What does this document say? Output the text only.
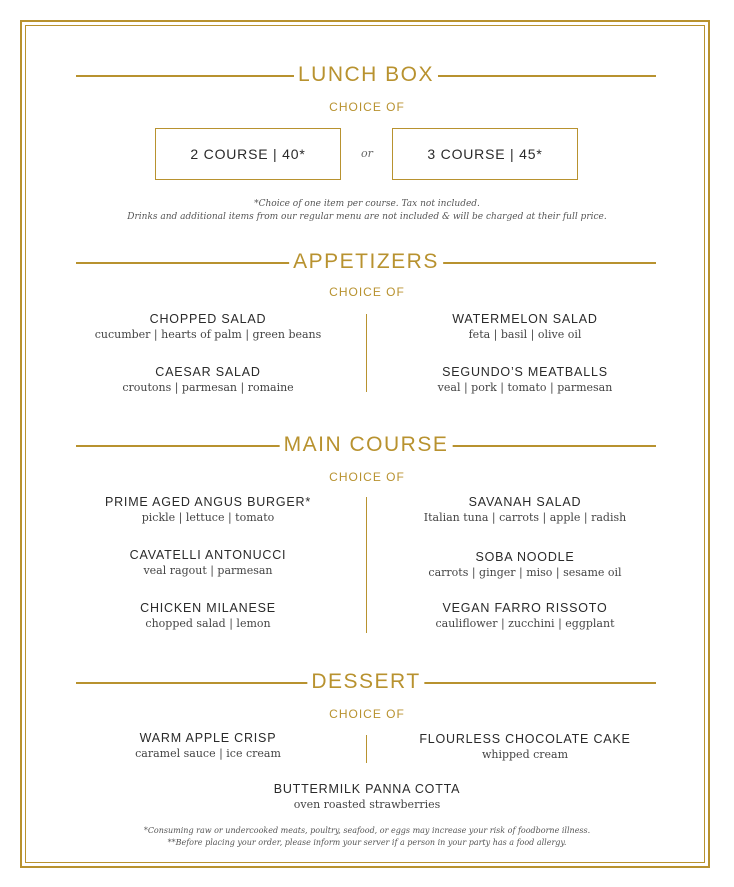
LUNCH BOX
CHOICE OF
2 COURSE | 40*	or	3 COURSE | 45*
*Choice of one item per course. Tax not included.
Drinks and additional items from our regular menu are not included & will be charged at their full price.
APPETIZERS
CHOICE OF
CHOPPED SALAD
cucumber | hearts of palm | green beans
WATERMELON SALAD
feta | basil | olive oil
CAESAR SALAD
croutons | parmesan | romaine
SEGUNDO’S MEATBALLS
veal | pork | tomato | parmesan
MAIN COURSE
CHOICE OF
PRIME AGED ANGUS BURGER*
pickle | lettuce | tomato
SAVANAH SALAD
Italian tuna | carrots | apple | radish
CAVATELLI ANTONUCCI
veal ragout | parmesan
SOBA NOODLE
carrots | ginger | miso | sesame oil
CHICKEN MILANESE
chopped salad | lemon
VEGAN FARRO RISSOTO
cauliflower | zucchini | eggplant
DESSERT
CHOICE OF
WARM APPLE CRISP
caramel sauce | ice cream
FLOURLESS CHOCOLATE CAKE
whipped cream
BUTTERMILK PANNA COTTA
oven roasted strawberries
*Consuming raw or undercooked meats, poultry, seafood, or eggs may increase your risk of foodborne illness.
**Before placing your order, please inform your server if a person in your party has a food allergy.
